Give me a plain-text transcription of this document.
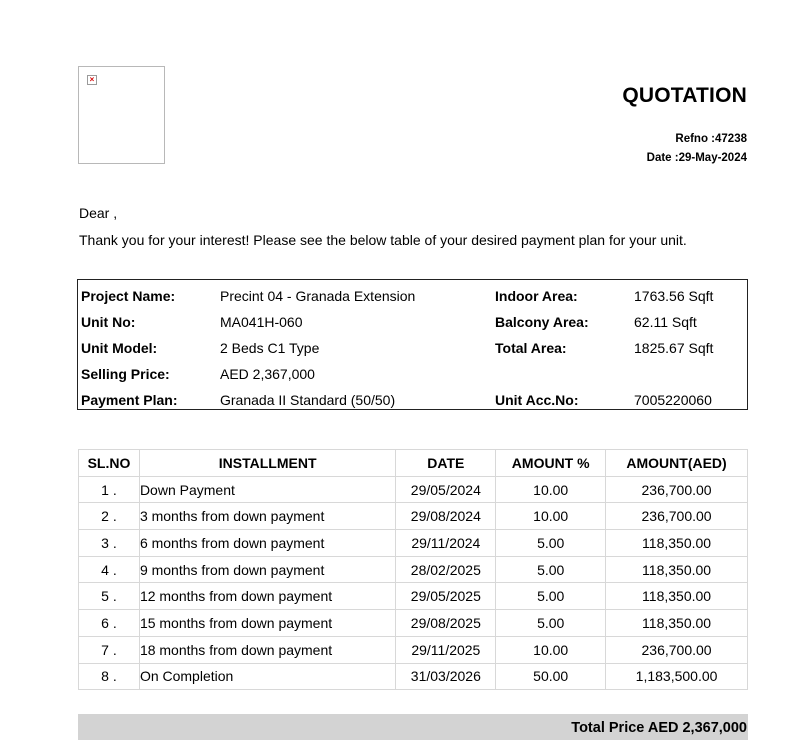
×
QUOTATION
Refno :47238
Date :29-May-2024
Dear ,
Thank you for your interest! Please see the below table of your desired payment plan for your unit.
Project Name:	Precint 04 - Granada Extension	Indoor Area:	1763.56 Sqft
Unit No:	MA041H-060	Balcony Area:	62.11 Sqft
Unit Model:	2 Beds C1 Type	Total Area:	1825.67 Sqft
Selling Price:	AED 2,367,000
Payment Plan:	Granada II Standard (50/50)	Unit Acc.No:	7005220060
SL.NO	INSTALLMENT	DATE	AMOUNT %	AMOUNT(AED)
1 .	Down Payment	29/05/2024	10.00	236,700.00
2 .	3 months from down payment	29/08/2024	10.00	236,700.00
3 .	6 months from down payment	29/11/2024	5.00	118,350.00
4 .	9 months from down payment	28/02/2025	5.00	118,350.00
5 .	12 months from down payment	29/05/2025	5.00	118,350.00
6 .	15 months from down payment	29/08/2025	5.00	118,350.00
7 .	18 months from down payment	29/11/2025	10.00	236,700.00
8 .	On Completion	31/03/2026	50.00	1,183,500.00
Total Price AED 2,367,000
